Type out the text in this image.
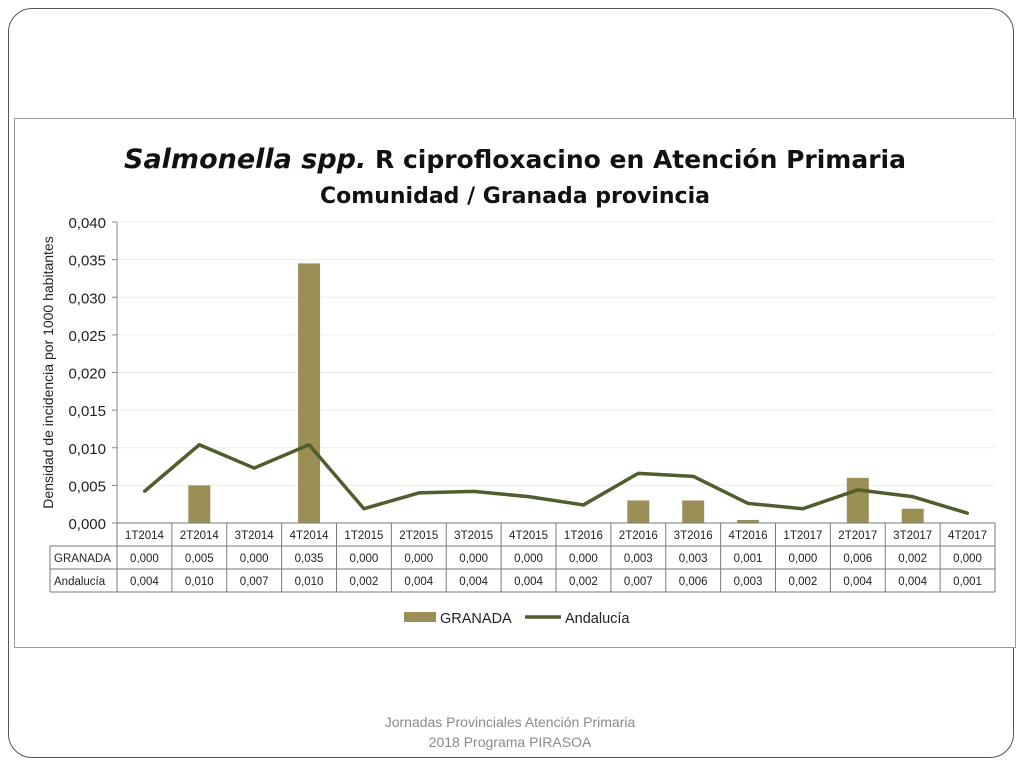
Salmonella spp. R ciprofloxacino en Atención Primaria
Comunidad / Granada provincia
0,000
0,005
0,010
0,015
0,020
0,025
0,030
0,035
0,040
Densidad de incidencia por 1000 habitantes
1T2014 2T2014 3T2014 4T2014 1T2015 2T2015 3T2015 4T2015 1T2016 2T2016 3T2016 4T2016 1T2017 2T2017 3T2017 4T2017
GRANADA
Andalucía
0,000 0,005 0,000 0,035 0,000 0,000 0,000 0,000 0,000 0,003 0,003 0,001 0,000 0,006 0,002 0,000
0,004 0,010 0,007 0,010 0,002 0,004 0,004 0,004 0,002 0,007 0,006 0,003 0,002 0,004 0,004 0,001
GRANADA	Andalucía
Jornadas Provinciales Atención Primaria
2018 Programa PIRASOA
